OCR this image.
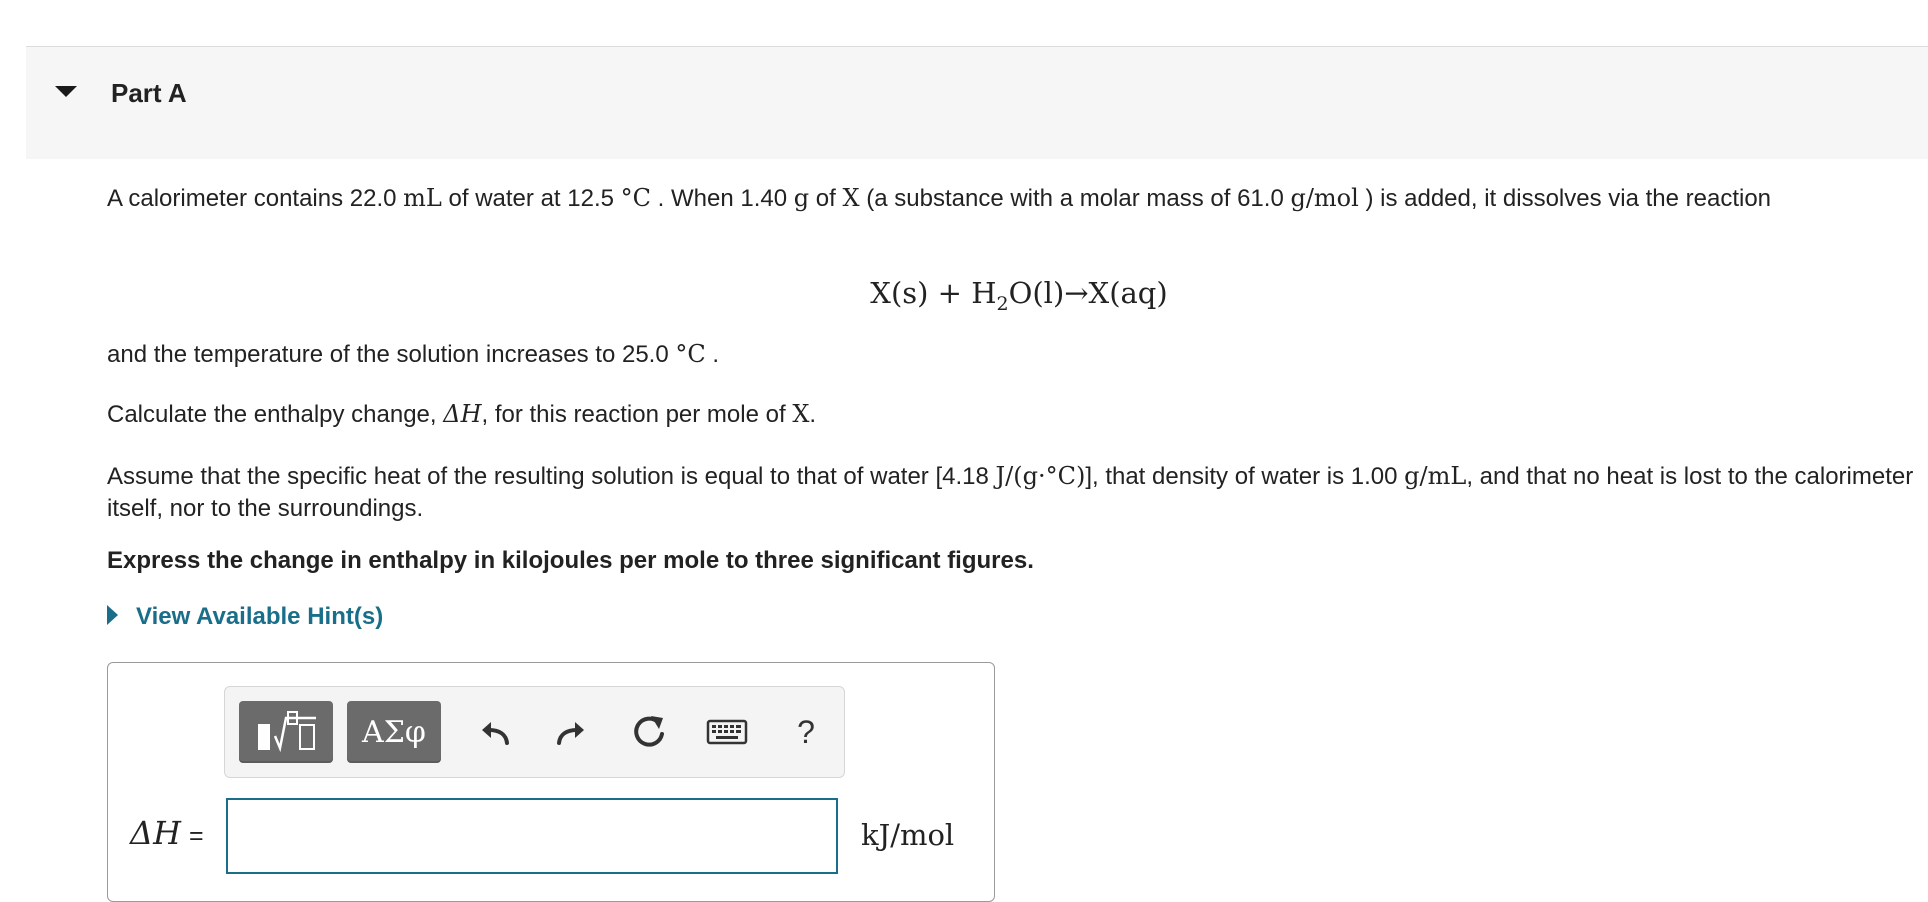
Part A
A calorimeter contains 22.0 mL of water at 12.5 °C . When 1.40 g of X (a substance with a molar mass of 61.0 g/mol ) is added, it dissolves via the reaction
$X(s) + H_2O(l)\to X(aq)$
and the temperature of the solution increases to 25.0 °C .
Calculate the enthalpy change, ΔH, for this reaction per mole of X.
Assume that the specific heat of the resulting solution is equal to that of water [4.18 J/(g·°C)], that density of water is 1.00 g/mL, and that no heat is lost to the calorimeter itself, nor to the surroundings.
Express the change in enthalpy in kilojoules per mole to three significant figures.
View Available Hint(s)
ΑΣφ	?
ΔH =	kJ/mol
